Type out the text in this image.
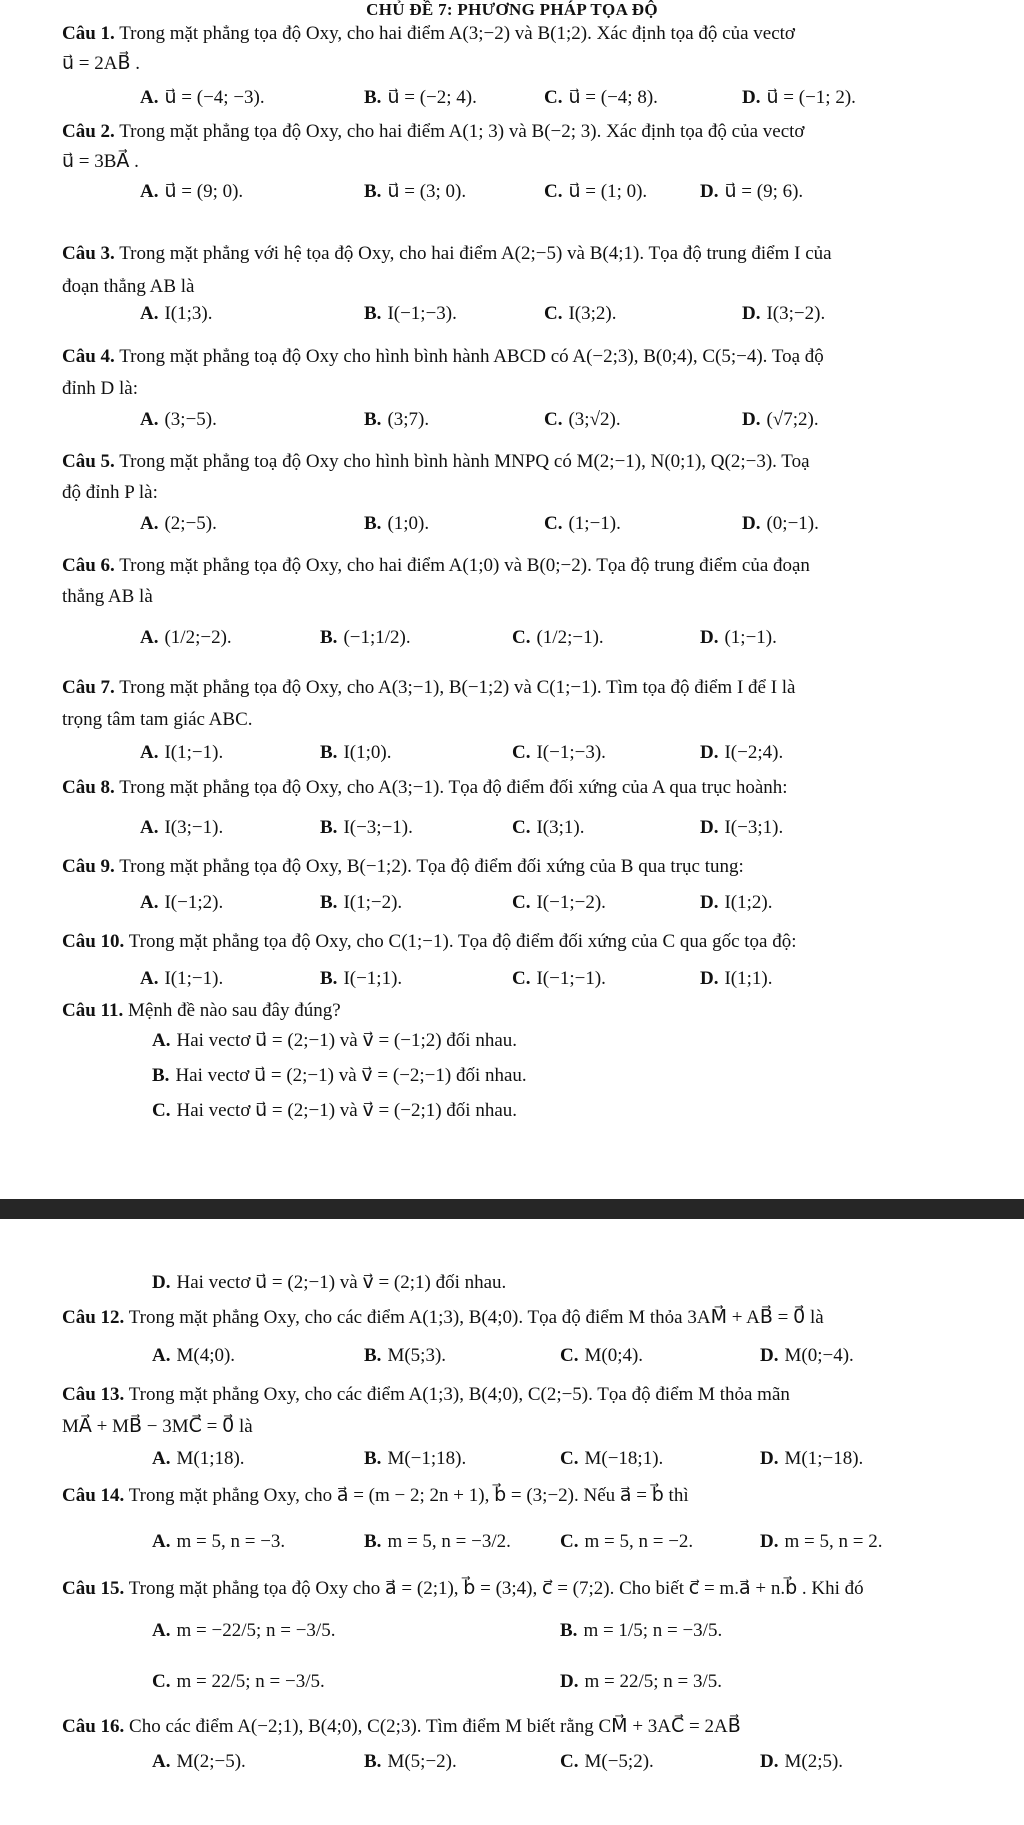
CHỦ ĐỀ 7: PHƯƠNG PHÁP TỌA ĐỘ
Câu 1. Trong mặt phẳng tọa độ Oxy, cho hai điểm A(3;−2) và B(1;2). Xác định tọa độ của vectơ
u⃗ = 2AB⃗ .
A. u⃗ = (−4; −3).	B. u⃗ = (−2; 4).	C. u⃗ = (−4; 8).	D. u⃗ = (−1; 2).
Câu 2. Trong mặt phẳng tọa độ Oxy, cho hai điểm A(1; 3) và B(−2; 3). Xác định tọa độ của vectơ
u⃗ = 3BA⃗ .
A. u⃗ = (9; 0).	B. u⃗ = (3; 0).	C. u⃗ = (1; 0).	D. u⃗ = (9; 6).
Câu 3. Trong mặt phẳng với hệ tọa độ Oxy, cho hai điểm A(2;−5) và B(4;1). Tọa độ trung điểm I của
đoạn thẳng AB là
A. I(1;3).	B. I(−1;−3).	C. I(3;2).	D. I(3;−2).
Câu 4. Trong mặt phẳng toạ độ Oxy cho hình bình hành ABCD có A(−2;3), B(0;4), C(5;−4). Toạ độ
đỉnh D là:
A. (3;−5).	B. (3;7).	C. (3;√2).	D. (√7;2).
Câu 5. Trong mặt phẳng toạ độ Oxy cho hình bình hành MNPQ có M(2;−1), N(0;1), Q(2;−3). Toạ
độ đỉnh P là:
A. (2;−5).	B. (1;0).	C. (1;−1).	D. (0;−1).
Câu 6. Trong mặt phẳng tọa độ Oxy, cho hai điểm A(1;0) và B(0;−2). Tọa độ trung điểm của đoạn
thẳng AB là
A. (1/2;−2).	B. (−1;1/2).	C. (1/2;−1).	D. (1;−1).
Câu 7. Trong mặt phẳng tọa độ Oxy, cho A(3;−1), B(−1;2) và C(1;−1). Tìm tọa độ điểm I để I là
trọng tâm tam giác ABC.
A. I(1;−1).	B. I(1;0).	C. I(−1;−3).	D. I(−2;4).
Câu 8. Trong mặt phẳng tọa độ Oxy, cho A(3;−1). Tọa độ điểm đối xứng của A qua trục hoành:
A. I(3;−1).	B. I(−3;−1).	C. I(3;1).	D. I(−3;1).
Câu 9. Trong mặt phẳng tọa độ Oxy, B(−1;2). Tọa độ điểm đối xứng của B qua trục tung:
A. I(−1;2).	B. I(1;−2).	C. I(−1;−2).	D. I(1;2).
Câu 10. Trong mặt phẳng tọa độ Oxy, cho C(1;−1). Tọa độ điểm đối xứng của C qua gốc tọa độ:
A. I(1;−1).	B. I(−1;1).	C. I(−1;−1).	D. I(1;1).
Câu 11. Mệnh đề nào sau đây đúng?
A. Hai vectơ u⃗ = (2;−1) và v⃗ = (−1;2) đối nhau.
B. Hai vectơ u⃗ = (2;−1) và v⃗ = (−2;−1) đối nhau.
C. Hai vectơ u⃗ = (2;−1) và v⃗ = (−2;1) đối nhau.
D. Hai vectơ u⃗ = (2;−1) và v⃗ = (2;1) đối nhau.
Câu 12. Trong mặt phẳng Oxy, cho các điểm A(1;3), B(4;0). Tọa độ điểm M thỏa 3AM⃗ + AB⃗ = 0⃗ là
A. M(4;0).	B. M(5;3).	C. M(0;4).	D. M(0;−4).
Câu 13. Trong mặt phẳng Oxy, cho các điểm A(1;3), B(4;0), C(2;−5). Tọa độ điểm M thỏa mãn
MA⃗ + MB⃗ − 3MC⃗ = 0⃗ là
A. M(1;18).	B. M(−1;18).	C. M(−18;1).	D. M(1;−18).
Câu 14. Trong mặt phẳng Oxy, cho a⃗ = (m − 2; 2n + 1), b⃗ = (3;−2). Nếu a⃗ = b⃗ thì
A. m = 5, n = −3.	B. m = 5, n = −3/2.	C. m = 5, n = −2.	D. m = 5, n = 2.
Câu 15. Trong mặt phẳng tọa độ Oxy cho a⃗ = (2;1), b⃗ = (3;4), c⃗ = (7;2). Cho biết c⃗ = m.a⃗ + n.b⃗ . Khi đó
A. m = −22/5; n = −3/5.	B. m = 1/5; n = −3/5.
C. m = 22/5; n = −3/5.	D. m = 22/5; n = 3/5.
Câu 16. Cho các điểm A(−2;1), B(4;0), C(2;3). Tìm điểm M biết rằng CM⃗ + 3AC⃗ = 2AB⃗
A. M(2;−5).	B. M(5;−2).	C. M(−5;2).	D. M(2;5).
